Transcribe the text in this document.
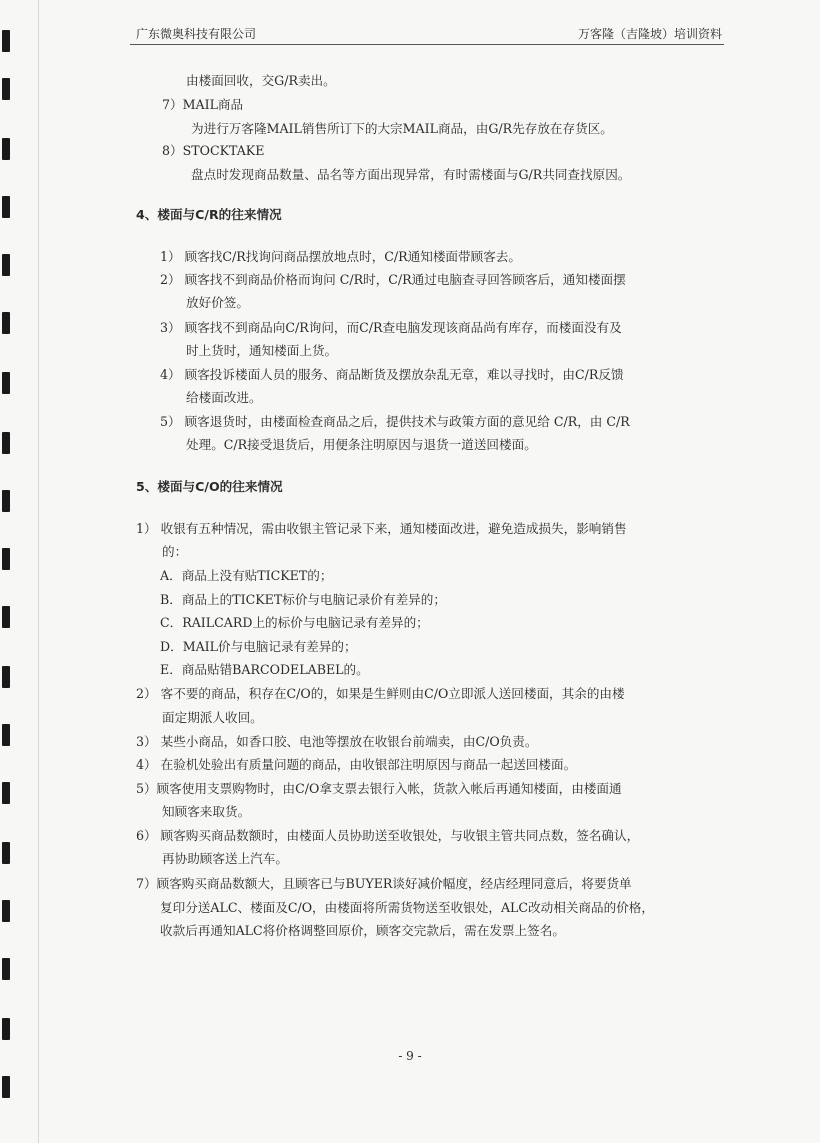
广东微奥科技有限公司	万客隆（吉隆坡）培训资料
由楼面回收，交G/R卖出。
7）MAIL商品
为进行万客隆MAIL销售所订下的大宗MAIL商品，由G/R先存放在存货区。
8）STOCKTAKE
盘点时发现商品数量、品名等方面出现异常，有时需楼面与G/R共同查找原因。
4、楼面与C/R的往来情况
1） 顾客找C/R找询问商品摆放地点时，C/R通知楼面带顾客去。
2） 顾客找不到商品价格而询问 C/R时，C/R通过电脑查寻回答顾客后，通知楼面摆
放好价签。
3） 顾客找不到商品向C/R询问，而C/R查电脑发现该商品尚有库存，而楼面没有及
时上货时，通知楼面上货。
4） 顾客投诉楼面人员的服务、商品断货及摆放杂乱无章，难以寻找时，由C/R反馈
给楼面改进。
5） 顾客退货时，由楼面检查商品之后，提供技术与政策方面的意见给 C/R，由 C/R
处理。C/R接受退货后，用便条注明原因与退货一道送回楼面。
5、楼面与C/O的往来情况
1） 收银有五种情况，需由收银主管记录下来，通知楼面改进，避免造成损失，影响销售
的：
A．商品上没有贴TICKET的；
B．商品上的TICKET标价与电脑记录价有差异的；
C．RAILCARD上的标价与电脑记录有差异的；
D．MAIL价与电脑记录有差异的；
E．商品贴错BARCODELABEL的。
2） 客不要的商品，积存在C/O的，如果是生鲜则由C/O立即派人送回楼面，其余的由楼
面定期派人收回。
3） 某些小商品，如香口胶、电池等摆放在收银台前端卖，由C/O负责。
4） 在验机处验出有质量问题的商品，由收银部注明原因与商品一起送回楼面。
5）顾客使用支票购物时，由C/O拿支票去银行入帐，货款入帐后再通知楼面，由楼面通
知顾客来取货。
6） 顾客购买商品数额时，由楼面人员协助送至收银处，与收银主管共同点数，签名确认，
再协助顾客送上汽车。
7）顾客购买商品数额大，且顾客已与BUYER谈好减价幅度，经店经理同意后，将要货单
复印分送ALC、楼面及C/O，由楼面将所需货物送至收银处，ALC改动相关商品的价格，
收款后再通知ALC将价格调整回原价，顾客交完款后，需在发票上签名。
- 9 -
